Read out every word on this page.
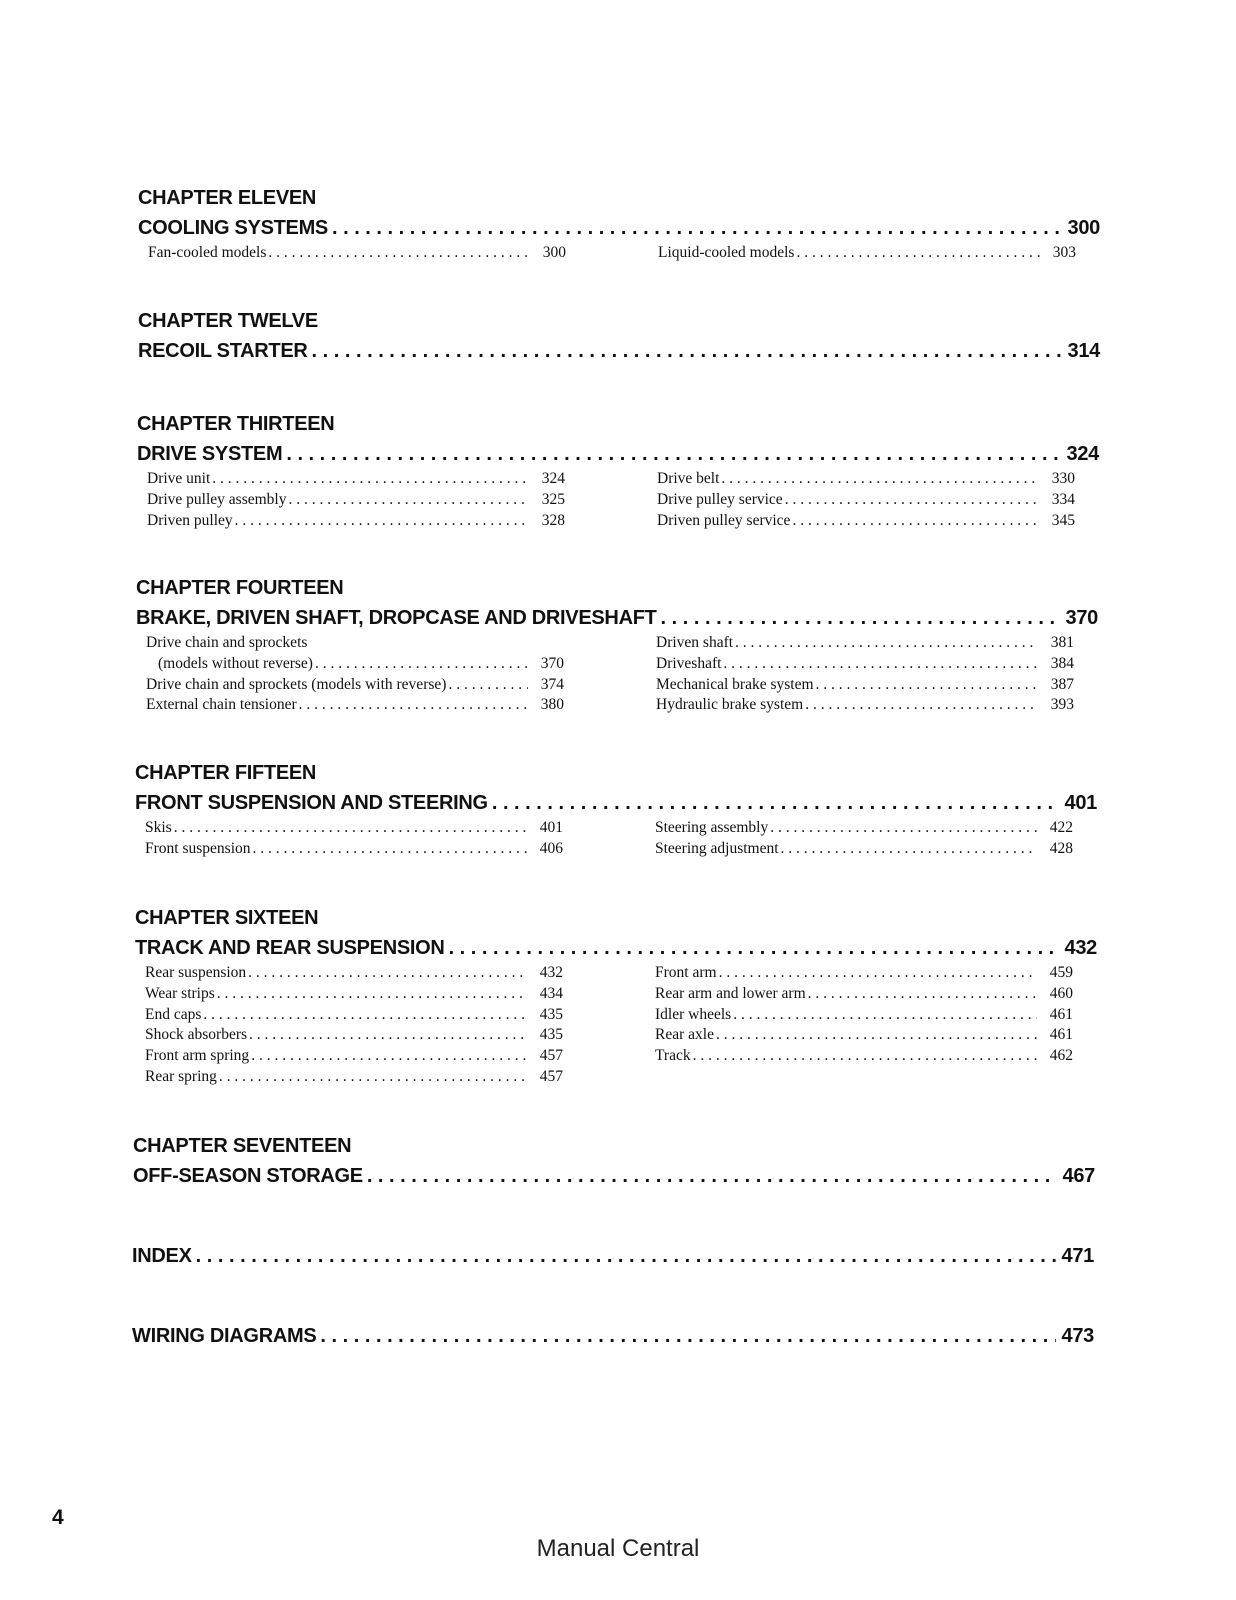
CHAPTER ELEVEN
COOLING SYSTEMS . . .	300
Fan-cooled models . . .	300	Liquid-cooled models . . .	303
CHAPTER TWELVE
RECOIL STARTER . . .	314
CHAPTER THIRTEEN
DRIVE SYSTEM . . .	324
Drive unit . . .	324
Drive pulley assembly . . .	325
Driven pulley . . .	328
Drive belt . . .	330
Drive pulley service . . .	334
Driven pulley service . . .	345
CHAPTER FOURTEEN
BRAKE, DRIVEN SHAFT, DROPCASE AND DRIVESHAFT . . .	370
Drive chain and sprockets
(models without reverse) . . .	370
Drive chain and sprockets (models with reverse) . . .	374
External chain tensioner . . .	380
Driven shaft . . .	381
Driveshaft . . .	384
Mechanical brake system . . .	387
Hydraulic brake system . . .	393
CHAPTER FIFTEEN
FRONT SUSPENSION AND STEERING . . .	401
Skis . . .	401
Front suspension . . .	406
Steering assembly . . .	422
Steering adjustment . . .	428
CHAPTER SIXTEEN
TRACK AND REAR SUSPENSION . . .	432
Rear suspension . . .	432
Wear strips . . .	434
End caps . . .	435
Shock absorbers . . .	435
Front arm spring . . .	457
Rear spring . . .	457
Front arm . . .	459
Rear arm and lower arm . . .	460
Idler wheels . . .	461
Rear axle . . .	461
Track . . .	462
CHAPTER SEVENTEEN
OFF-SEASON STORAGE . . .	467
INDEX . . .	471
WIRING DIAGRAMS . . .	473
4
Manual Central
